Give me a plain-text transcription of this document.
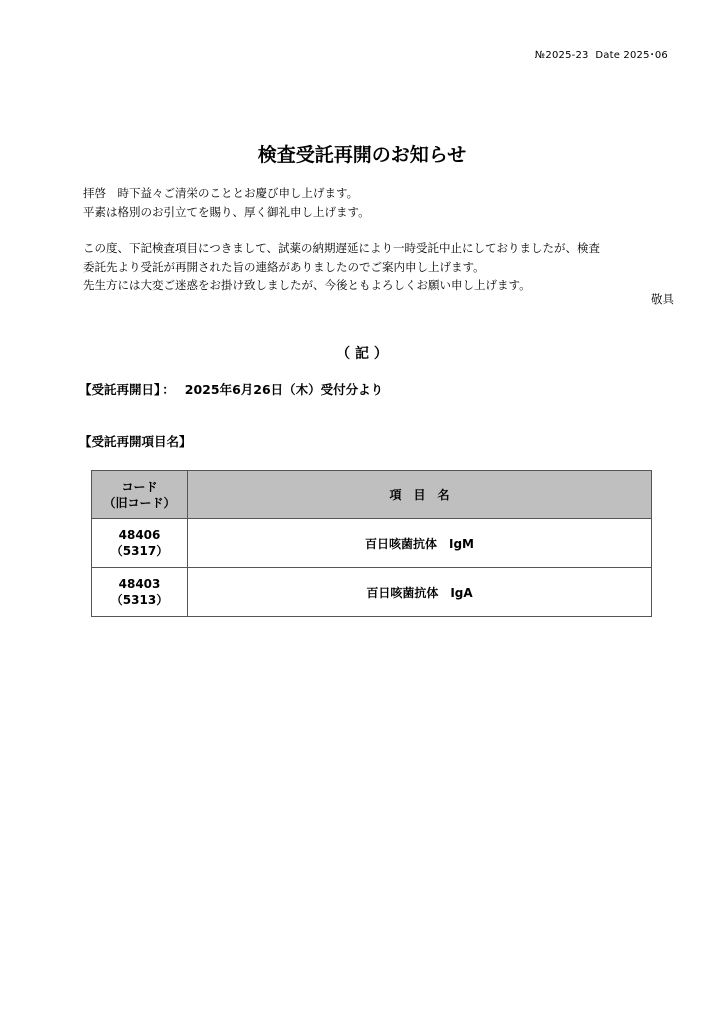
№2025-23 Date 2025･06
検査受託再開のお知らせ
拝啓　時下益々ご清栄のこととお慶び申し上げます。
平素は格別のお引立てを賜り、厚く御礼申し上げます。
この度、下記検査項目につきまして、試薬の納期遅延により一時受託中止にしておりましたが、検査
委託先より受託が再開された旨の連絡がありましたのでご案内申し上げます。
先生方には大変ご迷惑をお掛け致しましたが、今後ともよろしくお願い申し上げます。
敬具
（ 記 ）
【受託再開日】 ： 2025年6月26日（木）受付分より
【受託再開項目名】
コード
（旧コード）	項　目　名

48406
（5317）	百日咳菌抗体　IgM

48403
（5313）	百日咳菌抗体　IgA
